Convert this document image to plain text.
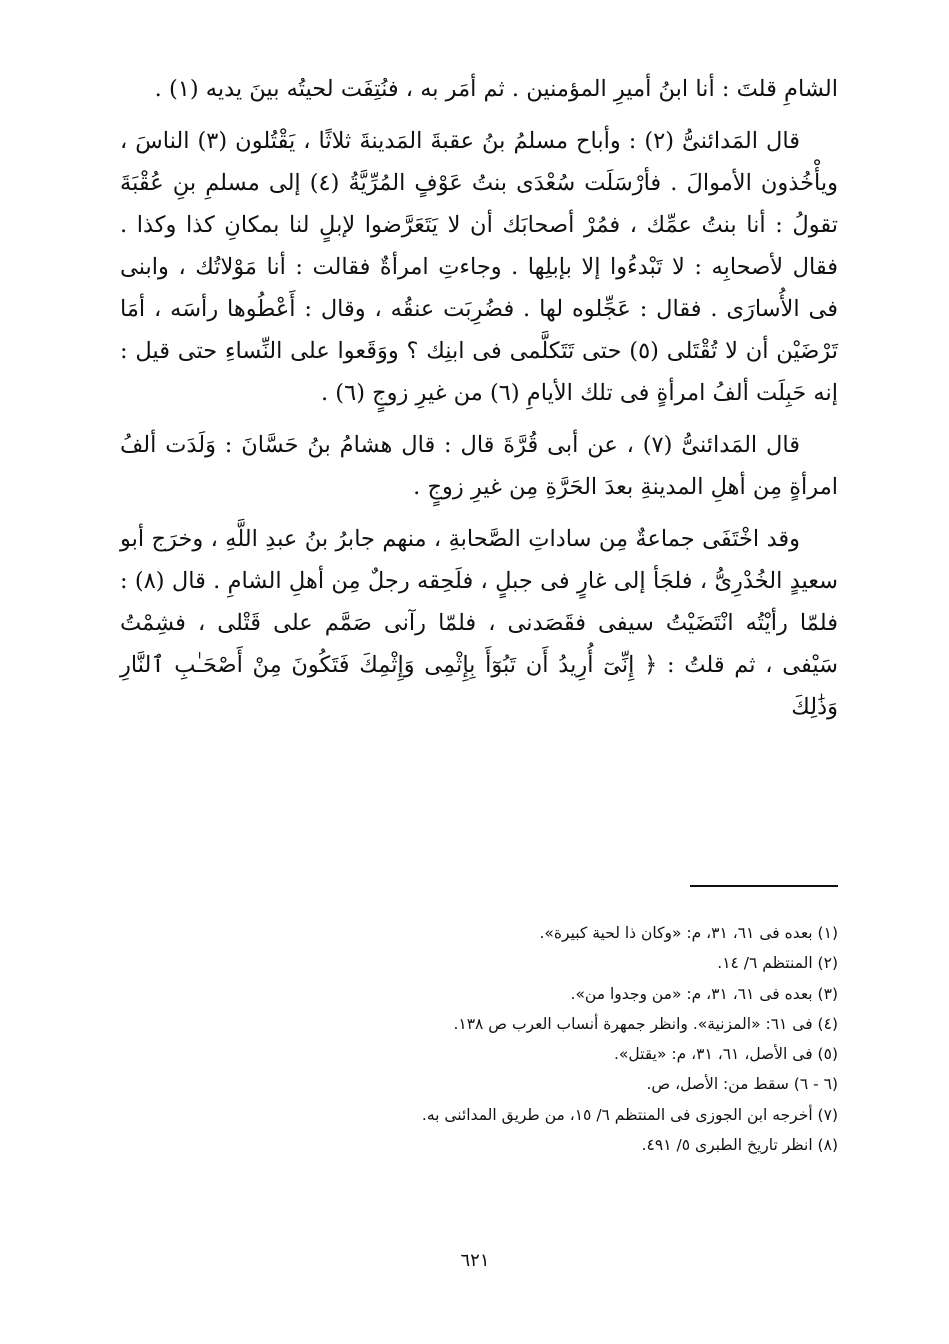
الشامِ قلتَ : أنا ابنُ أميرِ المؤمنين . ثم أمَر به ، فنُتِفَت لحيتُه بينَ يديه (١) .

قال المَدائنىُّ (٢) : وأباح مسلمُ بنُ عقبةَ المَدينةَ ثلاثًا ، يَقْتُلون (٣) الناسَ ، ويأْخُذون الأموالَ . فأرْسَلَت سُعْدَى بنتُ عَوْفٍ المُرِّيَّةُ (٤) إلى مسلمِ بنِ عُقْبَةَ تقولُ : أنا بنتُ عمِّك ، فمُرْ أصحابَك أن لا يَتَعَرَّضوا لإبلٍ لنا بمكانِ كذا وكذا . فقال لأصحابِه : لا تَبْدءُوا إلا بإبلِها . وجاءتِ امرأةٌ فقالت : أنا مَوْلاتُك ، وابنى فى الأُسارَى . فقال : عَجِّلوه لها . فضُرِبَت عنقُه ، وقال : أَعْطُوها رأسَه ، أمَا تَرْضَيْن أن لا تُقْتَلى (٥) حتى تَتَكلَّمى فى ابنِك ؟ ووَقَعوا على النِّساءِ حتى قيل : إنه حَبِلَت ألفُ امرأةٍ فى تلك الأيامِ (٦) من غيرِ زوجٍ (٦) .

قال المَدائنىُّ (٧) ، عن أبى قُرَّةَ قال : قال هشامُ بنُ حَسَّانَ : وَلَدَت ألفُ امرأةٍ مِن أهلِ المدينةِ بعدَ الحَرَّةِ مِن غيرِ زوجٍ .

وقد اخْتَفَى جماعةٌ مِن ساداتِ الصَّحابةِ ، منهم جابرُ بنُ عبدِ اللَّهِ ، وخرَج أبو سعيدٍ الخُدْرِىُّ ، فلجَأ إلى غارٍ فى جبلٍ ، فلَحِقه رجلٌ مِن أهلِ الشامِ . قال (٨) : فلمّا رأيْتُه انْتَضَيْتُ سيفى فقَصَدنى ، فلمّا رآنى صَمَّم على قَتْلى ، فشِمْتُ سَيْفى ، ثم قلتُ : ﴿ إِنِّىٓ أُرِيدُ أَن تَبُوٓأَ بِإِثْمِى وَإِثْمِكَ فَتَكُونَ مِنْ أَصْحَـٰبِ ٱلنَّارِ وَذَٰلِكَ

(١) بعده فى ٦١، ٣١، م: «وكان ذا لحية كبيرة».
(٢) المنتظم ٦/ ١٤.
(٣) بعده فى ٦١، ٣١، م: «من وجدوا من».
(٤) فى ٦١: «المزنية». وانظر جمهرة أنساب العرب ص ١٣٨.
(٥) فى الأصل، ٦١، ٣١، م: «يقتل».
(٦ - ٦) سقط من: الأصل، ص.
(٧) أخرجه ابن الجوزى فى المنتظم ٦/ ١٥، من طريق المدائنى به.
(٨) انظر تاريخ الطبرى ٥/ ٤٩١.
٦٢١
